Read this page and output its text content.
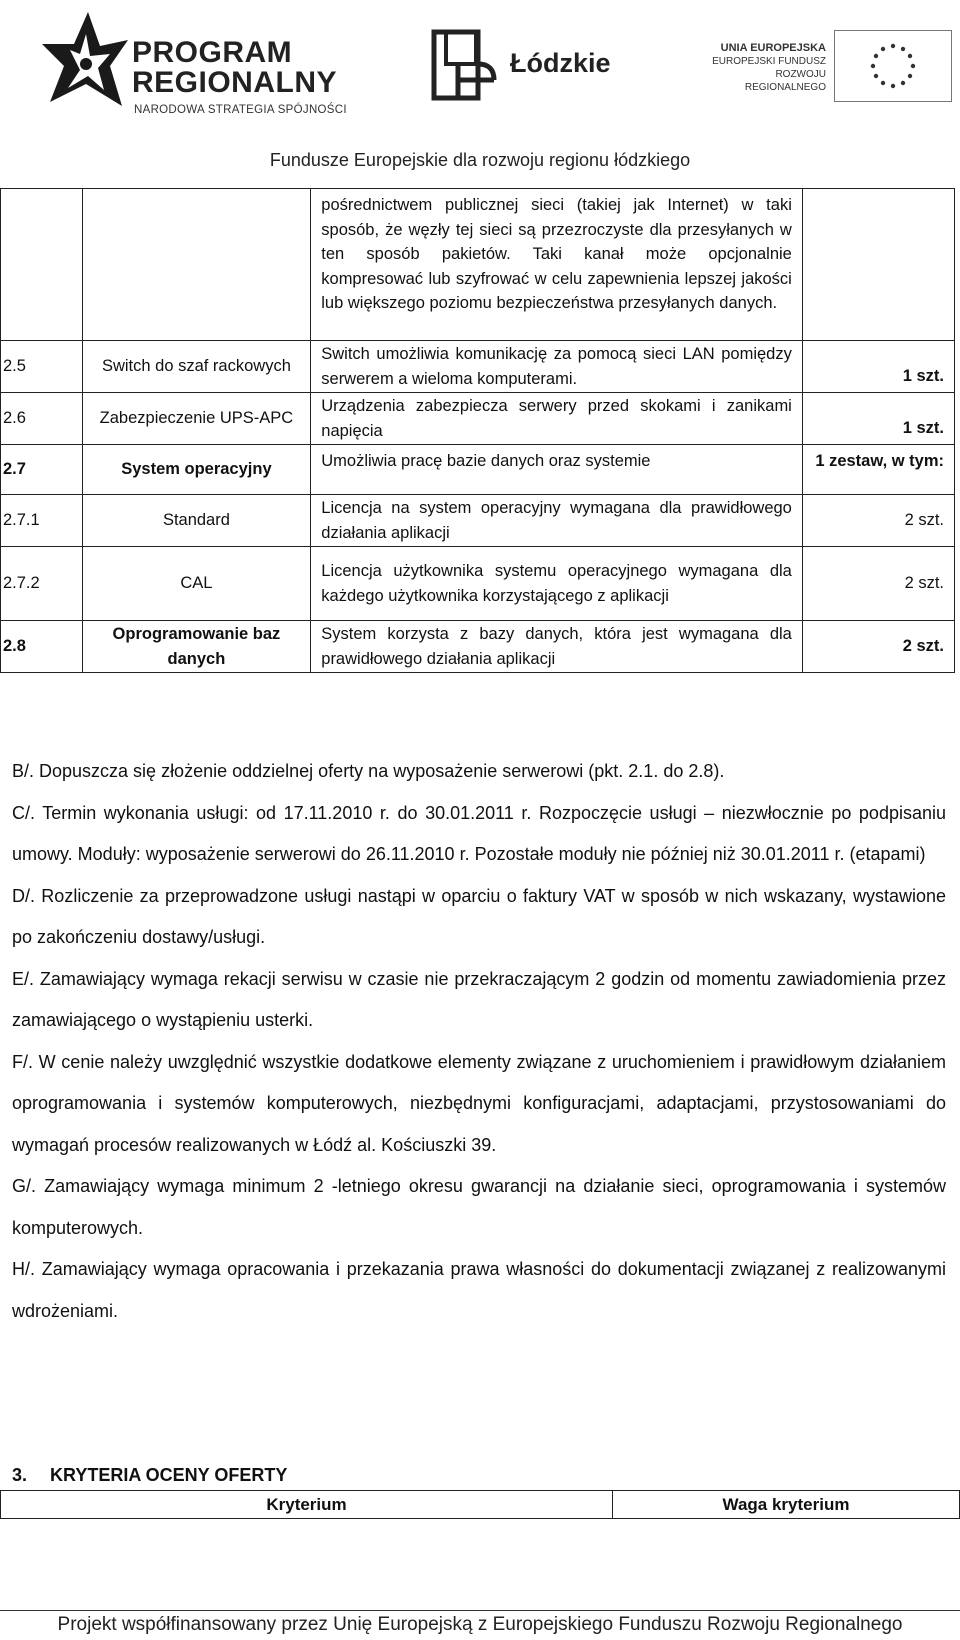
PROGRAM
REGIONALNY
NARODOWA STRATEGIA SPÓJNOŚCI
Łódzkie	UNIA EUROPEJSKA
EUROPEJSKI FUNDUSZ
ROZWOJU REGIONALNEGO
Fundusze Europejskie dla rozwoju regionu łódzkiego
		pośrednictwem publicznej sieci (takiej jak Internet) w taki sposób, że węzły tej sieci są przezroczyste dla przesyłanych w ten sposób pakietów. Taki kanał może opcjonalnie kompresować lub szyfrować w celu zapewnienia lepszej jakości lub większego poziomu bezpieczeństwa przesyłanych danych.	
2.5	Switch do szaf rackowych	Switch umożliwia komunikację za pomocą sieci LAN pomiędzy serwerem a wieloma komputerami.	1 szt.
2.6	Zabezpieczenie UPS-APC	Urządzenia zabezpiecza serwery przed skokami i zanikami napięcia	1 szt.
2.7	System operacyjny	Umożliwia pracę bazie danych oraz systemie	1 zestaw, w tym:
2.7.1	Standard	Licencja na system operacyjny wymagana dla prawidłowego działania aplikacji	2 szt.
2.7.2	CAL	Licencja użytkownika systemu operacyjnego wymagana dla każdego użytkownika korzystającego z aplikacji	2 szt.
2.8	Oprogramowanie baz danych	System korzysta z bazy danych, która jest wymagana dla prawidłowego działania aplikacji	2 szt.

B/. Dopuszcza się złożenie oddzielnej oferty na wyposażenie serwerowi (pkt. 2.1. do 2.8).

C/. Termin wykonania usługi: od 17.11.2010 r. do 30.01.2011 r. Rozpoczęcie usługi – niezwłocznie po podpisaniu umowy. Moduły: wyposażenie serwerowi do 26.11.2010 r. Pozostałe moduły nie później niż 30.01.2011 r. (etapami)

D/. Rozliczenie za przeprowadzone usługi nastąpi w oparciu o faktury VAT w sposób w nich wskazany, wystawione po zakończeniu dostawy/usługi.

E/. Zamawiający wymaga rekacji serwisu w czasie nie przekraczającym 2 godzin od momentu zawiadomienia przez zamawiającego o wystąpieniu usterki.

F/. W cenie należy uwzględnić wszystkie dodatkowe elementy związane z uruchomieniem i prawidłowym działaniem oprogramowania i systemów komputerowych, niezbędnymi konfiguracjami, adaptacjami, przystosowaniami do wymagań procesów realizowanych w Łódź al. Kościuszki 39.

G/. Zamawiający wymaga minimum 2 -letniego okresu gwarancji na działanie sieci, oprogramowania i systemów komputerowych.

H/. Zamawiający wymaga opracowania i przekazania prawa własności do dokumentacji związanej z realizowanymi wdrożeniami.

3. KRYTERIA OCENY OFERTY
Kryterium	Waga kryterium
Projekt współfinansowany przez Unię Europejską z Europejskiego Funduszu Rozwoju Regionalnego
